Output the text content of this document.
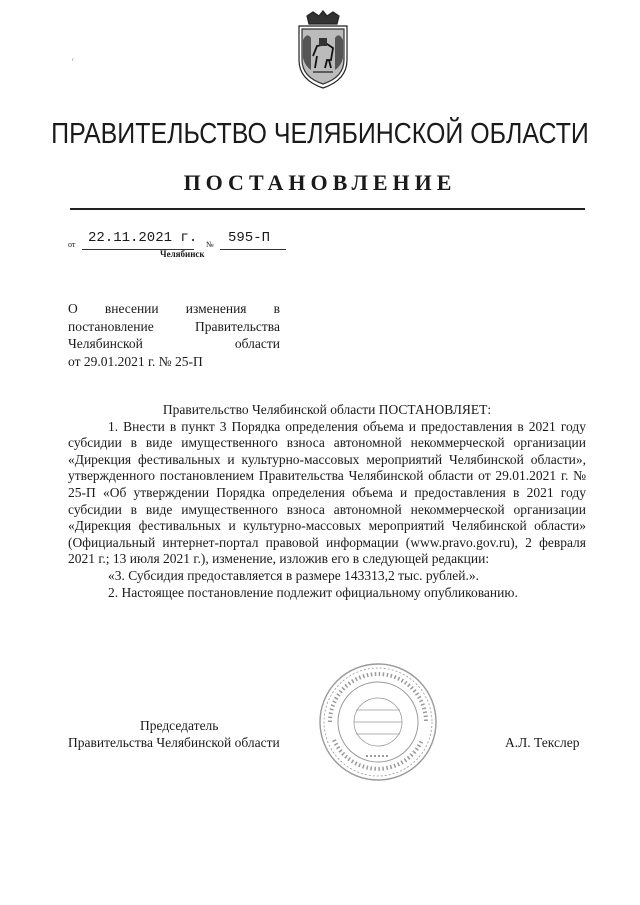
ʳ
ПРАВИТЕЛЬСТВО ЧЕЛЯБИНСКОЙ ОБЛАСТИ
ПОСТАНОВЛЕНИЕ
от 22.11.2021 г. № 595-П
Челябинск
О внесении изменения в
постановление Правительства
Челябинской области
от 29.01.2021 г. № 25-П

Правительство Челябинской области ПОСТАНОВЛЯЕТ:

1. Внести в пункт 3 Порядка определения объема и предоставления в 2021 году субсидии в виде имущественного взноса автономной некоммерческой организации «Дирекция фестивальных и культурно-массовых мероприятий Челябинской области», утвержденного постановлением Правительства Челябинской области от 29.01.2021 г. № 25-П «Об утверждении Порядка определения объема и предоставления в 2021 году субсидии в виде имущественного взноса автономной некоммерческой организации «Дирекция фестивальных и культурно-массовых мероприятий Челябинской области» (Официальный интернет-портал правовой информации (www.pravo.gov.ru), 2 февраля 2021 г.; 13 июля 2021 г.), изменение, изложив его в следующей редакции:

«3. Субсидия предоставляется в размере 143313,2 тыс. рублей.».

2. Настоящее постановление подлежит официальному опубликованию.

Председатель
Правительства Челябинской области	А.Л. Текслер
